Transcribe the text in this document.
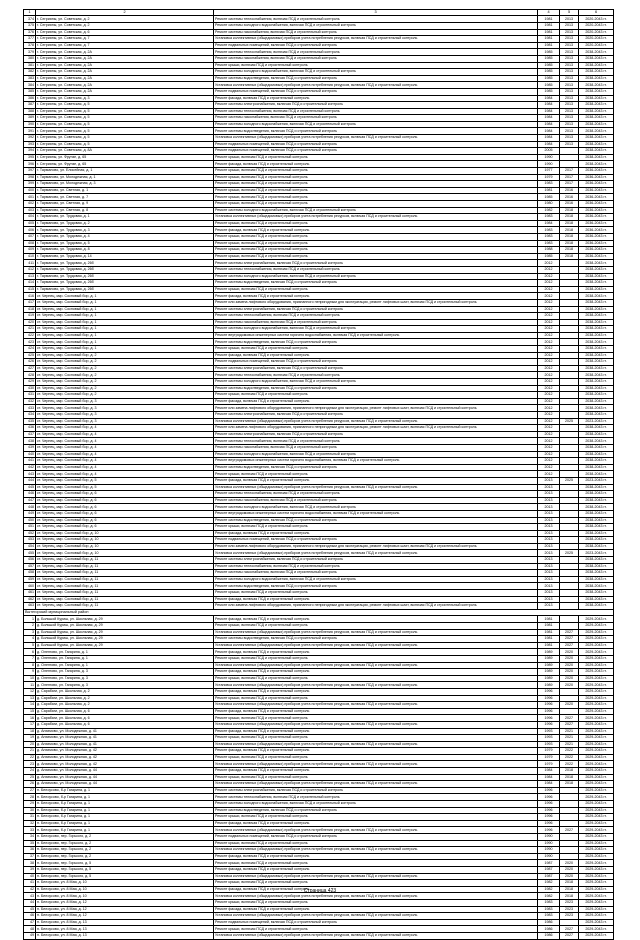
1	2	3	4	5	6
374	г. Сегрияны, ул. Советская, д. 2	Ремонт системы теплоснабжения, включая ПСД и строительный контроль	1981	2013	2020-2043 гг.
375	г. Сегрияны, ул. Советская, д. 2	Ремонт системы холодного водоснабжения, включая ПСД и строительный контроль	1981	2013	2020-2043 гг.
376	г. Сегрияны, ул. Советская, д. 6	Ремонт системы газоснабжения, включая ПСД и строительный контроль	1981	2013	2020-2043 гг.
377	г. Сегрияны, ул. Советская, д. 7	Установка коллективных (общедомовых) приборов учета потребления ресурсов, включая ПСД и строительный контроль	1981	2013	2020-2043 гг.
378	г. Сегрияны, ул. Советская, д. 7	Ремонт подвальных помещений, включая ПСД и строительный контроль	1981	2013	2020-2043 гг.
379	г. Сегрияны, ул. Советская, д. 2А	Ремонт системы теплоснабжения, включая ПСД и строительный контроль	1985	2013	2038-2043 гг.
380	г. Сегрияны, ул. Советская, д. 2А	Ремонт системы газоснабжения, включая ПСД и строительный контроль	1985	2013	2038-2043 гг.
381	г. Сегрияны, ул. Советская, д. 2А	Ремонт крыши, включая ПСД и строительный контроль	1985	2013	2038-2043 гг.
382	г. Сегрияны, ул. Советская, д. 2А	Ремонт системы холодного водоснабжения, включая ПСД и строительный контроль	1985	2013	2038-2043 гг.
383	г. Сегрияны, ул. Советская, д. 2А	Ремонт системы водоотведения, включая ПСД и строительный контроль	1985	2013	2038-2043 гг.
384	г. Сегрияны, ул. Советская, д. 2А	Установка коллективных (общедомовых) приборов учета потребления ресурсов, включая ПСД и строительный контроль	1985	2013	2038-2043 гг.
385	г. Сегрияны, ул. Советская, д. 2А	Ремонт подвальных помещений, включая ПСД и строительный контроль	1985	2013	2038-2043 гг.
386	г. Сегрияны, ул. Советская, д. 3	Ремонт фасада, включая ПСД и строительный контроль	1984	2013	2038-2043 гг.
387	г. Сегрияны, ул. Советская, д. 5	Ремонт системы электроснабжения, включая ПСД и строительный контроль	1984	2013	2038-2043 гг.
388	г. Сегрияны, ул. Советская, д. 5	Ремонт системы теплоснабжения, включая ПСД и строительный контроль	1984	2013	2038-2043 гг.
389	г. Сегрияны, ул. Советская, д. 5	Ремонт системы газоснабжения, включая ПСД и строительный контроль	1984	2013	2038-2043 гг.
390	г. Сегрияны, ул. Советская, д. 5	Ремонт системы холодного водоснабжения, включая ПСД и строительный контроль	1984	2013	2038-2043 гг.
391	г. Сегрияны, ул. Советская, д. 5	Ремонт системы водоотведения, включая ПСД и строительный контроль	1984	2013	2038-2043 гг.
392	г. Сегрияны, ул. Советская, д. 5	Установка коллективных (общедомовых) приборов учета потребления ресурсов, включая ПСД и строительный контроль	1984	2013	2038-2043 гг.
393	г. Сегрияны, ул. Советская, д. 5	Ремонт подвальных помещений, включая ПСД и строительный контроль	1984	2013	2038-2043 гг.
394	г. Сегрияны, ул. Советская, д. 8А	Ремонт подвальных помещений, включая ПСД и строительный контроль	2005		2038-2043 гг.
395	г. Сегрияны, ул. Фрунзе, д. 65	Ремонт крыши, включая ПСД и строительный контроль	1990		2038-2043 гг.
396	г. Сегрияны, ул. Фрунзе, д. 65	Ремонт фасада, включая ПСД и строительный контроль	1990		2038-2043 гг.
397	г. Тарманово, ул. Елисейная, д. 1	Ремонт крыши, включая ПСД и строительный контроль	1977	2017	2036-2043 гг.
398	г. Тарманово, ул. Молодежная, д. 1	Ремонт крыши, включая ПСД и строительный контроль	1979	2017	2036-2043 гг.
399	г. Тарманово, ул. Молодежная, д. 3	Ремонт крыши, включая ПСД и строительный контроль	1983	2017	2036-2043 гг.
400	г. Тарманово, ул. Светлая, д. 1	Ремонт крыши, включая ПСД и строительный контроль	1981	2016	2036-2043 гг.
401	г. Тарманово, ул. Светлая, д. 7	Ремонт крыши, включая ПСД и строительный контроль	1985	2016	2036-2043 гг.
402	г. Тарманово, ул. Светлая, д. 9	Ремонт крыши, включая ПСД и строительный контроль	1980	2016	2036-2043 гг.
403	г. Тарманово, ул. Светлая, д. 8	Ремонт системы холодного водоснабжения, включая ПСД и строительный контроль	1982	2018	2036-2043 гг.
404	г. Тарманово, ул. Трудовая, д. 1	Установка коллективных (общедомовых) приборов учета потребления ресурсов, включая ПСД и строительный контроль	1983	2018	2036-2043 гг.
405	г. Тарманово, ул. Трудовая, д. 2	Ремонт крыши, включая ПСД и строительный контроль	1984	2018	2036-2043 гг.
406	г. Тарманово, ул. Трудовая, д. 3	Ремонт фасада, включая ПСД и строительный контроль	1983	2018	2036-2043 гг.
407	г. Тарманово, ул. Трудовая, д. 4	Ремонт крыши, включая ПСД и строительный контроль	1983	2018	2036-2043 гг.
408	г. Тарманово, ул. Трудовая, д. 5	Ремонт крыши, включая ПСД и строительный контроль	1983	2018	2036-2043 гг.
409	г. Тарманово, ул. Трудовая, д. 8	Ремонт крыши, включая ПСД и строительный контроль	1988	2018	2036-2043 гг.
410	г. Тарманово, ул. Трудовая, д. 14	Ремонт крыши, включая ПСД и строительный контроль	1985	2018	2036-2043 гг.
411	г. Тарманово, ул. Трудовая, д. 26б	Ремонт системы электроснабжения, включая ПСД и строительный контроль	2012		2038-2043 гг.
412	г. Тарманово, ул. Трудовая, д. 26б	Ремонт системы теплоснабжения, включая ПСД и строительный контроль	2012		2038-2043 гг.
413	г. Тарманово, ул. Трудовая, д. 26б	Ремонт системы холодного водоснабжения, включая ПСД и строительный контроль	2012		2038-2043 гг.
414	г. Тарманово, ул. Трудовая, д. 26б	Ремонт системы водоотведения, включая ПСД и строительный контроль	2012		2038-2043 гг.
415	г. Тарманово, ул. Трудовая, д. 26б	Ремонт крыши, включая ПСД и строительный контроль	2012		2038-2043 гг.
416	ст. Чернец, мкр. Сосновый бор, д. 1	Ремонт фасада, включая ПСД и строительный контроль	2012		2038-2043 гг.
417	ст. Чернец, мкр. Сосновый бор, д. 1	Ремонт или замена лифтового оборудования, признанного непригодным для эксплуатации, ремонт лифтовых шахт, включая ПСД и строительный контроль	2012		2038-2043 гг.
418	ст. Чернец, мкр. Сосновый бор, д. 1	Ремонт системы электроснабжения, включая ПСД и строительный контроль	2012		2038-2043 гг.
419	ст. Чернец, мкр. Сосновый бор, д. 1	Ремонт системы теплоснабжения, включая ПСД и строительный контроль	2012		2038-2043 гг.
420	ст. Чернец, мкр. Сосновый бор, д. 1	Ремонт системы газоснабжения, включая ПСД и строительный контроль	2012		2038-2043 гг.
421	ст. Чернец, мкр. Сосновый бор, д. 1	Ремонт системы холодного водоснабжения, включая ПСД и строительный контроль	2012		2038-2043 гг.
422	ст. Чернец, мкр. Сосновый бор, д. 1	Ремонт внутридомовых инженерных систем горячего водоснабжения, включая ПСД и строительный контроль	2012		2038-2043 гг.
423	ст. Чернец, мкр. Сосновый бор, д. 1	Ремонт системы водоотведения, включая ПСД и строительный контроль	2012		2038-2043 гг.
424	ст. Чернец, мкр. Сосновый бор, д. 1	Ремонт крыши, включая ПСД и строительный контроль	2012		2038-2043 гг.
425	ст. Чернец, мкр. Сосновый бор, д. 2	Ремонт фасада, включая ПСД и строительный контроль	2012		2038-2043 гг.
426	ст. Чернец, мкр. Сосновый бор, д. 2	Ремонт подвальных помещений, включая ПСД и строительный контроль	2012		2038-2043 гг.
427	ст. Чернец, мкр. Сосновый бор, д. 2	Ремонт системы электроснабжения, включая ПСД и строительный контроль	2012		2038-2043 гг.
428	ст. Чернец, мкр. Сосновый бор, д. 2	Ремонт системы теплоснабжения, включая ПСД и строительный контроль	2012		2038-2043 гг.
429	ст. Чернец, мкр. Сосновый бор, д. 2	Ремонт системы холодного водоснабжения, включая ПСД и строительный контроль	2012		2038-2043 гг.
430	ст. Чернец, мкр. Сосновый бор, д. 2	Ремонт системы водоотведения, включая ПСД и строительный контроль	2012		2038-2043 гг.
431	ст. Чернец, мкр. Сосновый бор, д. 2	Ремонт крыши, включая ПСД и строительный контроль	2012		2038-2043 гг.
432	ст. Чернец, мкр. Сосновый бор, д. 3	Ремонт фасада, включая ПСД и строительный контроль	2012		2038-2043 гг.
433	ст. Чернец, мкр. Сосновый бор, д. 3	Ремонт или замена лифтового оборудования, признанного непригодным для эксплуатации, ремонт лифтовых шахт, включая ПСД и строительный контроль	2012		2038-2043 гг.
434	ст. Чернец, мкр. Сосновый бор, д. 3	Ремонт системы электроснабжения, включая ПСД и строительный контроль	2012		2038-2043 гг.
435	ст. Чернец, мкр. Сосновый бор, д. 3	Установка коллективных (общедомовых) приборов учета потребления ресурсов, включая ПСД и строительный контроль	2012	2025	2023-2043 гг.
436	ст. Чернец, мкр. Сосновый бор, д. 4	Ремонт или замена лифтового оборудования, признанного непригодным для эксплуатации, ремонт лифтовых шахт, включая ПСД и строительный контроль	2012		2038-2043 гг.
437	ст. Чернец, мкр. Сосновый бор, д. 4	Ремонт системы электроснабжения, включая ПСД и строительный контроль	2012		2038-2043 гг.
438	ст. Чернец, мкр. Сосновый бор, д. 4	Ремонт системы теплоснабжения, включая ПСД и строительный контроль	2012		2038-2043 гг.
439	ст. Чернец, мкр. Сосновый бор, д. 4	Ремонт системы газоснабжения, включая ПСД и строительный контроль	2012		2038-2043 гг.
440	ст. Чернец, мкр. Сосновый бор, д. 4	Ремонт системы холодного водоснабжения, включая ПСД и строительный контроль	2012		2038-2043 гг.
441	ст. Чернец, мкр. Сосновый бор, д. 4	Ремонт внутридомовых инженерных систем горячего водоснабжения, включая ПСД и строительный контроль	2012		2038-2043 гг.
442	ст. Чернец, мкр. Сосновый бор, д. 4	Ремонт системы водоотведения, включая ПСД и строительный контроль	2012		2038-2043 гг.
443	ст. Чернец, мкр. Сосновый бор, д. 4	Ремонт крыши, включая ПСД и строительный контроль	2012		2038-2043 гг.
444	ст. Чернец, мкр. Сосновый бор, д. 5	Ремонт фасада, включая ПСД и строительный контроль	2013	2025	2023-2043 гг.
445	ст. Чернец, мкр. Сосновый бор, д. 5	Установка коллективных (общедомовых) приборов учета потребления ресурсов, включая ПСД и строительный контроль	2013		2038-2043 гг.
446	ст. Чернец, мкр. Сосновый бор, д. 6	Ремонт системы теплоснабжения, включая ПСД и строительный контроль	2013		2038-2043 гг.
447	ст. Чернец, мкр. Сосновый бор, д. 6	Ремонт системы газоснабжения, включая ПСД и строительный контроль	2013		2038-2043 гг.
448	ст. Чернец, мкр. Сосновый бор, д. 6	Ремонт системы холодного водоснабжения, включая ПСД и строительный контроль	2013		2038-2043 гг.
449	ст. Чернец, мкр. Сосновый бор, д. 6	Ремонт внутридомовых инженерных систем горячего водоснабжения, включая ПСД и строительный контроль	2013		2038-2043 гг.
450	ст. Чернец, мкр. Сосновый бор, д. 6	Ремонт системы водоотведения, включая ПСД и строительный контроль	2013		2038-2043 гг.
451	ст. Чернец, мкр. Сосновый бор, д. 6	Ремонт крыши, включая ПСД и строительный контроль	2013		2038-2043 гг.
452	ст. Чернец, мкр. Сосновый бор, д. 10	Ремонт фасада, включая ПСД и строительный контроль	2013		2038-2043 гг.
453	ст. Чернец, мкр. Сосновый бор, д. 10	Ремонт подвальных помещений, включая ПСД и строительный контроль	2013		2038-2043 гг.
454	ст. Чернец, мкр. Сосновый бор, д. 10	Ремонт или замена лифтового оборудования, признанного непригодным для эксплуатации, ремонт лифтовых шахт, включая ПСД и строительный контроль	2013		2038-2043 гг.
455	ст. Чернец, мкр. Сосновый бор, д. 10	Установка коллективных (общедомовых) приборов учета потребления ресурсов, включая ПСД и строительный контроль	2013	2025	2023-2043 гг.
456	ст. Чернец, мкр. Сосновый бор, д. 11	Ремонт системы электроснабжения, включая ПСД и строительный контроль	2013		2038-2043 гг.
457	ст. Чернец, мкр. Сосновый бор, д. 11	Ремонт системы теплоснабжения, включая ПСД и строительный контроль	2013		2038-2043 гг.
458	ст. Чернец, мкр. Сосновый бор, д. 11	Ремонт системы газоснабжения, включая ПСД и строительный контроль	2013		2038-2043 гг.
459	ст. Чернец, мкр. Сосновый бор, д. 11	Ремонт системы холодного водоснабжения, включая ПСД и строительный контроль	2013		2038-2043 гг.
460	ст. Чернец, мкр. Сосновый бор, д. 11	Ремонт системы водоотведения, включая ПСД и строительный контроль	2013		2038-2043 гг.
461	ст. Чернец, мкр. Сосновый бор, д. 11	Ремонт крыши, включая ПСД и строительный контроль	2013		2038-2043 гг.
462	ст. Чернец, мкр. Сосновый бор, д. 11	Ремонт фасада, включая ПСД и строительный контроль	2013		2038-2043 гг.
463	ст. Чернец, мкр. Сосновый бор, д. 11	Ремонт или замена лифтового оборудования, признанного непригодным для эксплуатации, ремонт лифтовых шахт, включая ПСД и строительный контроль	2013		2038-2043 гг.
Вытегорский муниципальный район					
1	д. Большой Куриш, ул. Школьная, д. 29	Ремонт фасада, включая ПСД и строительный контроль	1981		2029-2043 гг.
2	д. Большой Куриш, ул. Школьная, д. 29	Ремонт крыши, включая ПСД и строительный контроль	1981		2029-2043 гг.
3	д. Большой Куриш, ул. Школьная, д. 29	Установка коллективных (общедомовых) приборов учета потребления ресурсов, включая ПСД и строительный контроль	1981	2027	2029-2043 гг.
4	д. Большой Куриш, ул. Школьная, д. 29	Ремонт системы водоотведения, включая ПСД и строительный контроль	1981	2027	2029-2043 гг.
5	д. Большой Куриш, ул. Школьная, д. 29	Установка коллективных (общедомовых) приборов учета потребления ресурсов, включая ПСД и строительный контроль	1981	2027	2029-2043 гг.
6	д. Оленгово, ул. Гагарина, д. 1	Ремонт фасада, включая ПСД и строительный контроль	1989	2020	2029-2043 гг.
7	д. Оленгово, ул. Гагарина, д. 1	Ремонт крыши, включая ПСД и строительный контроль	1989	2020	2029-2043 гг.
8	д. Оленгово, ул. Гагарина, д. 1	Установка коллективных (общедомовых) приборов учета потребления ресурсов, включая ПСД и строительный контроль	1989	2020	2029-2043 гг.
9	д. Оленгово, ул. Гагарина, д. 3	Ремонт фасада, включая ПСД и строительный контроль	1989	2020	2029-2043 гг.
10	д. Оленгово, ул. Гагарина, д. 3	Ремонт крыши, включая ПСД и строительный контроль	1989	2020	2029-2043 гг.
11	д. Оленгово, ул. Гагарина, д. 3	Установка коллективных (общедомовых) приборов учета потребления ресурсов, включая ПСД и строительный контроль	1989	2020	2029-2043 гг.
12	д. Сарабаги, ул. Школьная, д. 2	Ремонт фасада, включая ПСД и строительный контроль	1996		2029-2043 гг.
13	д. Сарабаги, ул. Школьная, д. 2	Ремонт крыши, включая ПСД и строительный контроль	1996		2029-2043 гг.
14	д. Сарабаги, ул. Школьная, д. 2	Установка коллективных (общедомовых) приборов учета потребления ресурсов, включая ПСД и строительный контроль	1996	2020	2029-2043 гг.
15	д. Сарабаги, ул. Школьная, д. 6	Ремонт фасада, включая ПСД и строительный контроль	1996		2029-2043 гг.
16	д. Сарабаги, ул. Школьная, д. 6	Ремонт крыши, включая ПСД и строительный контроль	1996	2027	2029-2043 гг.
17	д. Сарабаги, ул. Школьная, д. 6	Установка коллективных (общедомовых) приборов учета потребления ресурсов, включая ПСД и строительный контроль	1996	2027	2029-2043 гг.
18	д. Анхимово, ул. Молодежная, д. 41	Ремонт фасада, включая ПСД и строительный контроль	1993	2021	2029-2043 гг.
19	д. Анхимово, ул. Молодежная, д. 41	Ремонт крыши, включая ПСД и строительный контроль	1993	2021	2029-2043 гг.
20	д. Анхимово, ул. Молодежная, д. 41	Установка коллективных (общедомовых) приборов учета потребления ресурсов, включая ПСД и строительный контроль	1993	2021	2029-2043 гг.
21	д. Анхимово, ул. Молодежная, д. 42	Ремонт фасада, включая ПСД и строительный контроль	1979	2022	2029-2043 гг.
22	д. Анхимово, ул. Молодежная, д. 42	Ремонт крыши, включая ПСД и строительный контроль	1979	2022	2029-2043 гг.
23	д. Анхимово, ул. Молодежная, д. 42	Установка коллективных (общедомовых) приборов учета потребления ресурсов, включая ПСД и строительный контроль	1979	2022	2029-2043 гг.
24	д. Анхимово, ул. Молодежная, д. 44	Ремонт фасада, включая ПСД и строительный контроль	1984	2018	2029-2043 гг.
25	д. Анхимово, ул. Молодежная, д. 44	Ремонт крыши, включая ПСД и строительный контроль	1984	2018	2029-2043 гг.
26	д. Анхимово, ул. Молодежная, д. 44	Установка коллективных (общедомовых) приборов учета потребления ресурсов, включая ПСД и строительный контроль	1984	2018	2029-2043 гг.
27	п. Белоусово, б-р Гагарина, д. 1	Ремонт системы электроснабжения, включая ПСД и строительный контроль	1996		2029-2043 гг.
28	п. Белоусово, б-р Гагарина, д. 1	Ремонт системы теплоснабжения, включая ПСД и строительный контроль	1996		2029-2043 гг.
29	п. Белоусово, б-р Гагарина, д. 1	Ремонт системы холодного водоснабжения, включая ПСД и строительный контроль	1996		2029-2043 гг.
30	п. Белоусово, б-р Гагарина, д. 1	Ремонт системы водоотведения, включая ПСД и строительный контроль	1996		2029-2043 гг.
31	п. Белоусово, б-р Гагарина, д. 1	Ремонт крыши, включая ПСД и строительный контроль	1996		2029-2043 гг.
32	п. Белоусово, б-р Гагарина, д. 1	Ремонт фасада, включая ПСД и строительный контроль	1996		2029-2043 гг.
33	п. Белоусово, б-р Гагарина, д. 1	Установка коллективных (общедомовых) приборов учета потребления ресурсов, включая ПСД и строительный контроль	1996	2027	2029-2043 гг.
34	п. Белоусово, пер. Горького, д. 2	Ремонт подвальных помещений, включая ПСД и строительный контроль	1990		2029-2043 гг.
35	п. Белоусово, пер. Горького, д. 2	Ремонт крыши, включая ПСД и строительный контроль	1990		2029-2043 гг.
36	п. Белоусово, пер. Горького, д. 2	Установка коллективных (общедомовых) приборов учета потребления ресурсов, включая ПСД и строительный контроль	1990		2029-2043 гг.
37	п. Белоусово, пер. Горького, д. 2	Ремонт фасада, включая ПСД и строительный контроль	1990		2029-2043 гг.
38	п. Белоусово, пер. Горького, д. 5	Ремонт крыши, включая ПСД и строительный контроль	1987	2020	2029-2043 гг.
39	п. Белоусово, пер. Горького, д. 5	Ремонт фасада, включая ПСД и строительный контроль	1987	2020	2029-2043 гг.
40	п. Белоусово, пер. Горького, д. 5	Установка коллективных (общедомовых) приборов учета потребления ресурсов, включая ПСД и строительный контроль	1987	2020	2029-2043 гг.
41	п. Белоусово, ул. 8 Мая, д. 10	Ремонт крыши, включая ПСД и строительный контроль	1982	2018	2029-2043 гг.
42	п. Белоусово, ул. 8 Мая, д. 10	Ремонт фасада, включая ПСД и строительный контроль	1982	2018	2029-2043 гг.
43	п. Белоусово, ул. 8 Мая, д. 10	Установка коллективных (общедомовых) приборов учета потребления ресурсов, включая ПСД и строительный контроль	1982	2018	2029-2043 гг.
44	п. Белоусово, ул. 8 Мая, д. 12	Ремонт крыши, включая ПСД и строительный контроль	1983	2023	2029-2043 гг.
45	п. Белоусово, ул. 8 Мая, д. 12	Ремонт фасада, включая ПСД и строительный контроль	1983	2023	2029-2043 гг.
46	п. Белоусово, ул. 8 Мая, д. 12	Установка коллективных (общедомовых) приборов учета потребления ресурсов, включая ПСД и строительный контроль	1983	2023	2029-2043 гг.
47	п. Белоусово, ул. 8 Мая, д. 13	Ремонт подвальных помещений, включая ПСД и строительный контроль	1986		2029-2043 гг.
48	п. Белоусово, ул. 8 Мая, д. 13	Ремонт крыши, включая ПСД и строительный контроль	1986	2027	2029-2043 гг.
49	п. Белоусово, ул. 8 Мая, д. 13	Установка коллективных (общедомовых) приборов учета потребления ресурсов, включая ПСД и строительный контроль	1986	2027	2029-2043 гг.
Страница 423
